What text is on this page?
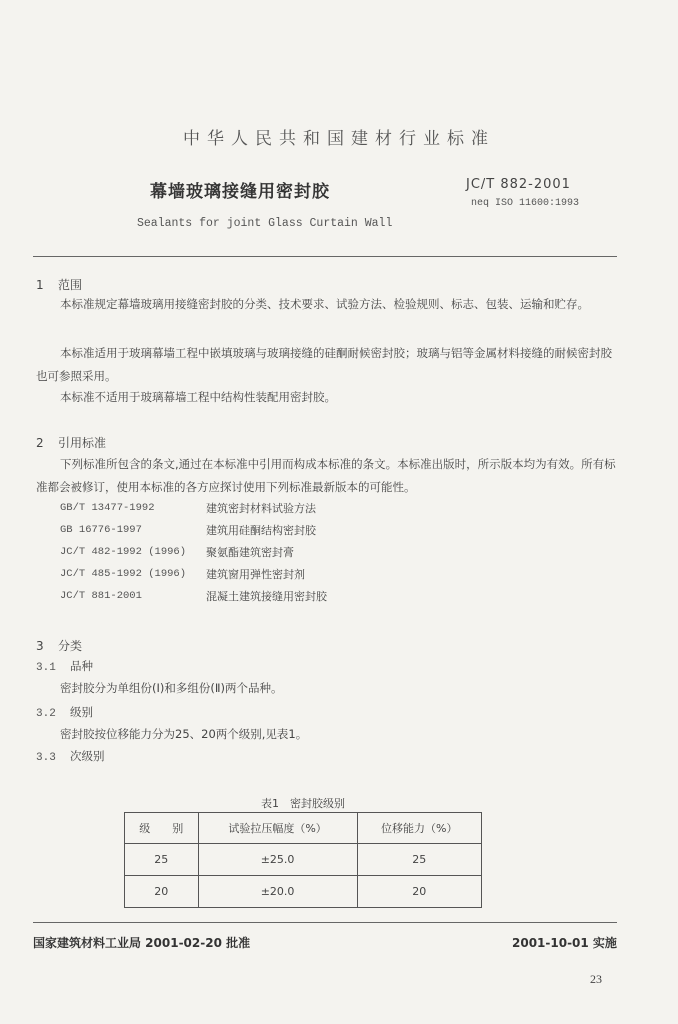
中华人民共和国建材行业标准
幕墙玻璃接缝用密封胶
Sealants for joint Glass Curtain Wall
JC/T 882-2001
neq ISO 11600:1993
1 范围
本标准规定幕墙玻璃用接缝密封胶的分类、技术要求、试验方法、检验规则、标志、包装、运输和贮存。
本标准适用于玻璃幕墙工程中嵌填玻璃与玻璃接缝的硅酮耐候密封胶；玻璃与铝等金属材料接缝的耐候密封胶也可参照采用。
本标准不适用于玻璃幕墙工程中结构性装配用密封胶。
2 引用标准
下列标准所包含的条文,通过在本标准中引用而构成本标准的条文。本标准出版时，所示版本均为有效。所有标准都会被修订，使用本标准的各方应探讨使用下列标准最新版本的可能性。
GB/T 13477-1992	建筑密封材料试验方法
GB 16776-1997	建筑用硅酮结构密封胶
JC/T 482-1992 (1996)	聚氨酯建筑密封膏
JC/T 485-1992 (1996)	建筑窗用弹性密封剂
JC/T 881-2001	混凝土建筑接缝用密封胶
3 分类
3.1 品种
密封胶分为单组份(Ⅰ)和多组份(Ⅱ)两个品种。
3.2 级别
密封胶按位移能力分为25、20两个级别,见表1。
3.3 次级别
表1　密封胶级别
级　　别	试验拉压幅度（%）	位移能力（%）
25	±25.0	25
20	±20.0	20
国家建筑材料工业局 2001-02-20 批准	2001-10-01 实施
23
